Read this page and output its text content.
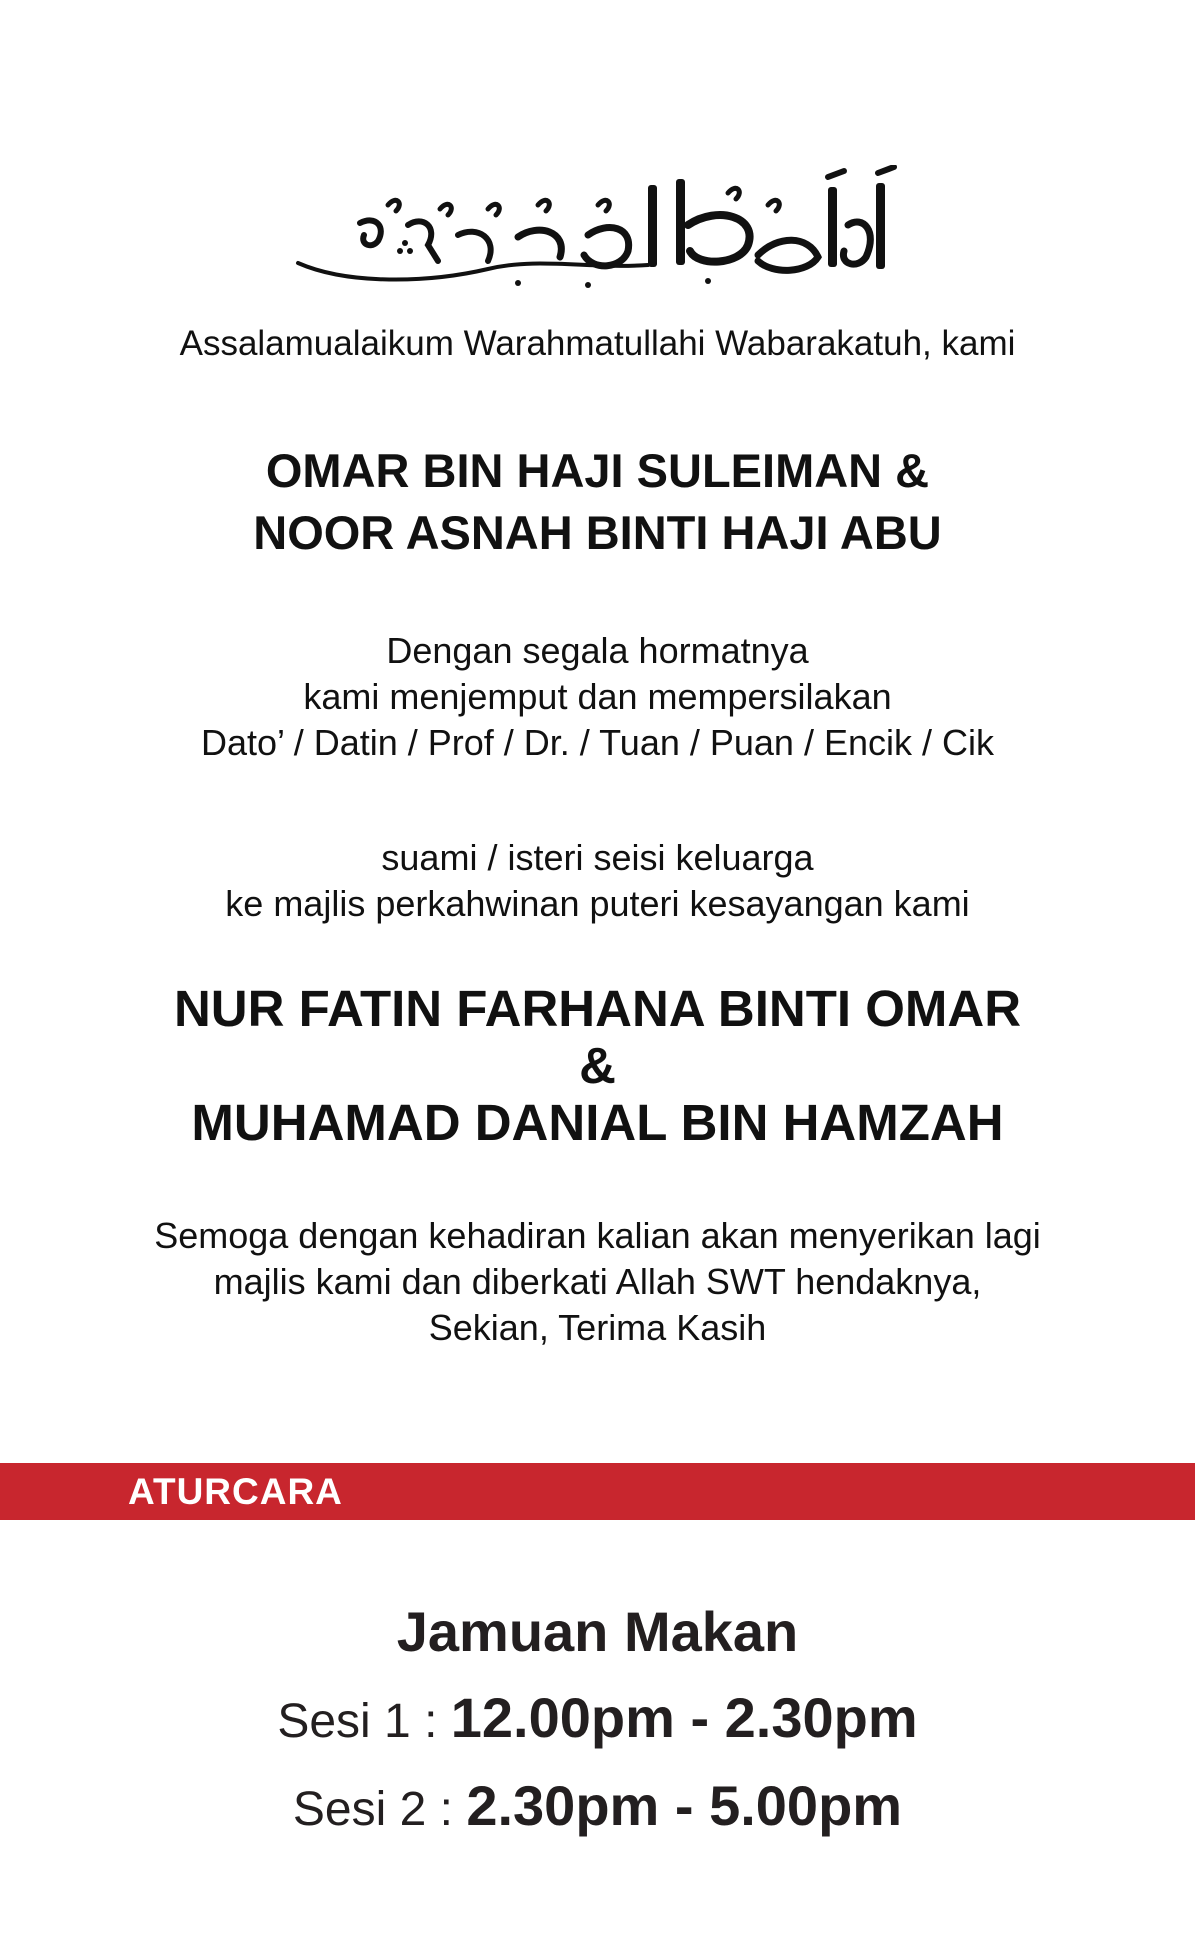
Assalamualaikum Warahmatullahi Wabarakatuh, kami
OMAR BIN HAJI SULEIMAN &
NOOR ASNAH BINTI HAJI ABU
Dengan segala hormatnya
kami menjemput dan mempersilakan
Dato’ / Datin / Prof / Dr. / Tuan / Puan / Encik / Cik
suami / isteri seisi keluarga
ke majlis perkahwinan puteri kesayangan kami
NUR FATIN FARHANA BINTI OMAR
&
MUHAMAD DANIAL BIN HAMZAH
Semoga dengan kehadiran kalian akan menyerikan lagi
majlis kami dan diberkati Allah SWT hendaknya,
Sekian, Terima Kasih
ATURCARA
Jamuan Makan
Sesi 1 : 12.00pm - 2.30pm
Sesi 2 : 2.30pm - 5.00pm
